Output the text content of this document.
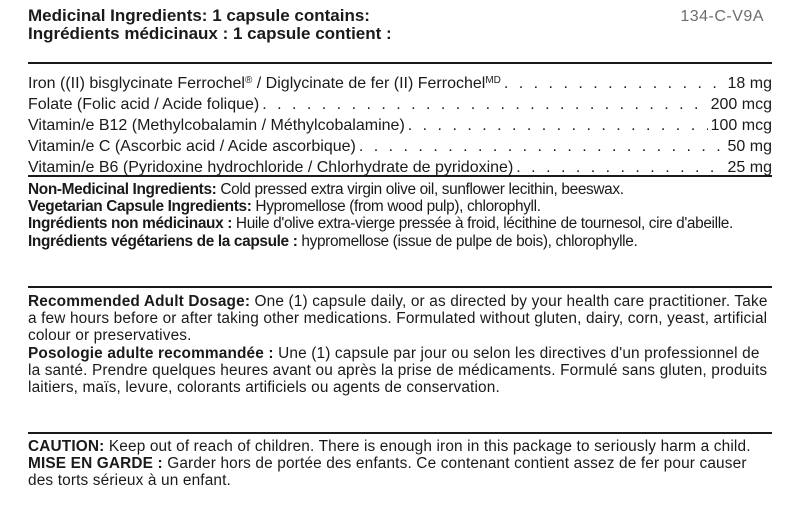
Medicinal Ingredients: 1 capsule contains:
Ingrédients médicinaux : 1 capsule contient :
134-C-V9A
Iron ((II) bisglycinate Ferrochel® / Diglycinate de fer (II) Ferrochel$^{MD}$ . . .	18 mg
Folate (Folic acid / Acide folique) . . .	200 mcg
Vitamin/e B12 (Methylcobalamin / Méthylcobalamine) . . .	100 mcg
Vitamin/e C (Ascorbic acid / Acide ascorbique) . . .	50 mg
Vitamin/e B6 (Pyridoxine hydrochloride / Chlorhydrate de pyridoxine) . . .	25 mg

Non-Medicinal Ingredients: Cold pressed extra virgin olive oil, sunflower lecithin, beeswax.

Vegetarian Capsule Ingredients: Hypromellose (from wood pulp), chlorophyll.

Ingrédients non médicinaux : Huile d'olive extra-vierge pressée à froid, lécithine de tournesol, cire d'abeille.

Ingrédients végétariens de la capsule : hypromellose (issue de pulpe de bois), chlorophylle.

Recommended Adult Dosage: One (1) capsule daily, or as directed by your health care practitioner. Take a few hours before or after taking other medications. Formulated without gluten, dairy, corn, yeast, artificial colour or preservatives.

Posologie adulte recommandée : Une (1) capsule par jour ou selon les directives d'un professionnel de la santé. Prendre quelques heures avant ou après la prise de médicaments. Formulé sans gluten, produits laitiers, maïs, levure, colorants artificiels ou agents de conservation.

CAUTION: Keep out of reach of children. There is enough iron in this package to seriously harm a child.

MISE EN GARDE : Garder hors de portée des enfants. Ce contenant contient assez de fer pour causer des torts sérieux à un enfant.
